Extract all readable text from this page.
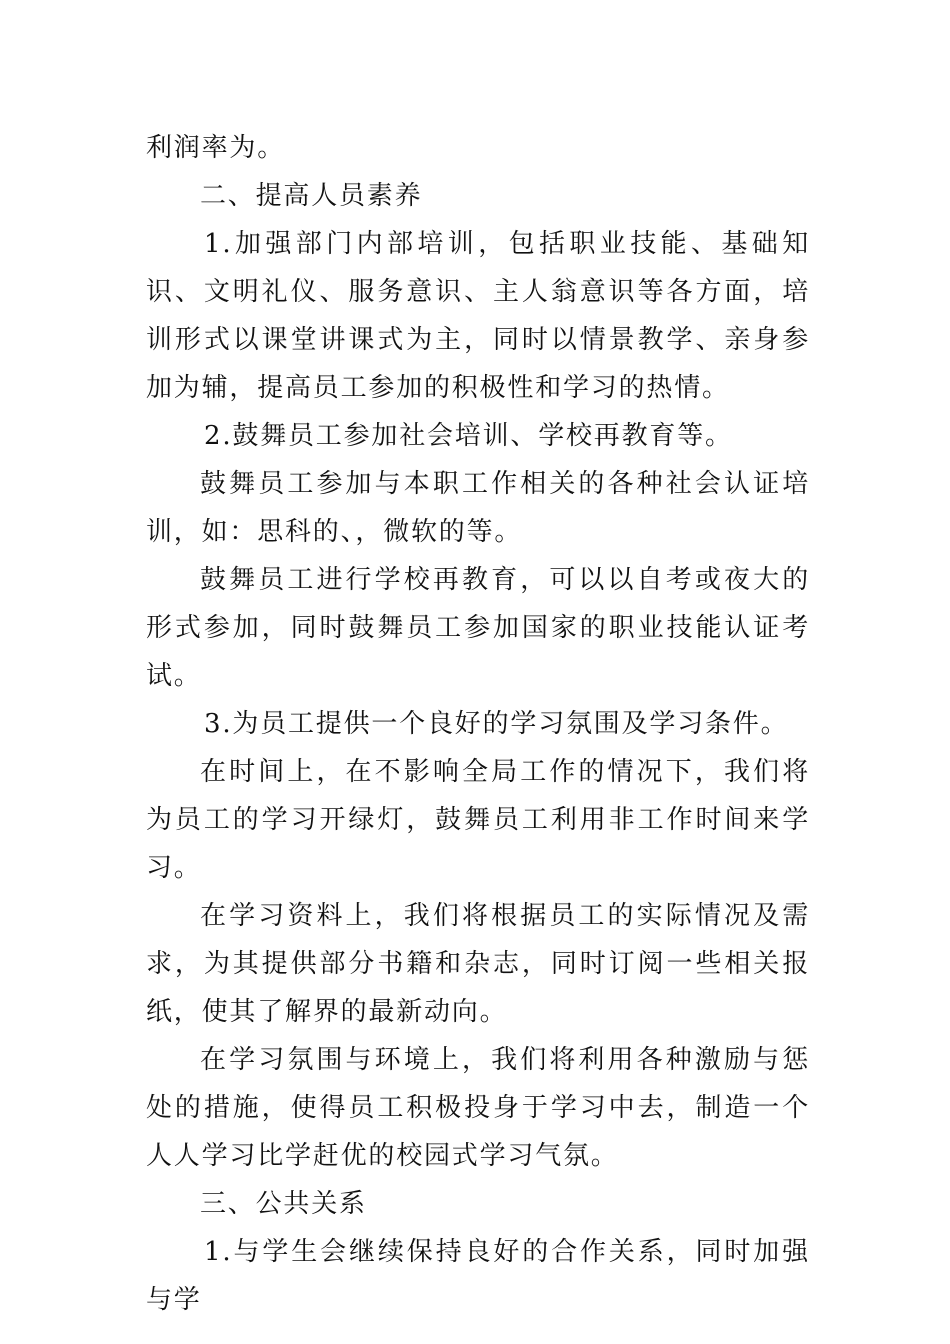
利润率为。

二、提高人员素养

1.加强部门内部培训，包括职业技能、基础知识、文明礼仪、服务意识、主人翁意识等各方面，培训形式以课堂讲课式为主，同时以情景教学、亲身参加为辅，提高员工参加的积极性和学习的热情。

2.鼓舞员工参加社会培训、学校再教育等。

鼓舞员工参加与本职工作相关的各种社会认证培训，如：思科的、，微软的等。

鼓舞员工进行学校再教育，可以以自考或夜大的形式参加，同时鼓舞员工参加国家的职业技能认证考试。

3.为员工提供一个良好的学习氛围及学习条件。

在时间上，在不影响全局工作的情况下，我们将为员工的学习开绿灯，鼓舞员工利用非工作时间来学习。

在学习资料上，我们将根据员工的实际情况及需求，为其提供部分书籍和杂志，同时订阅一些相关报纸，使其了解界的最新动向。

在学习氛围与环境上，我们将利用各种激励与惩处的措施，使得员工积极投身于学习中去，制造一个人人学习比学赶优的校园式学习气氛。

三、公共关系

1.与学生会继续保持良好的合作关系，同时加强与学
